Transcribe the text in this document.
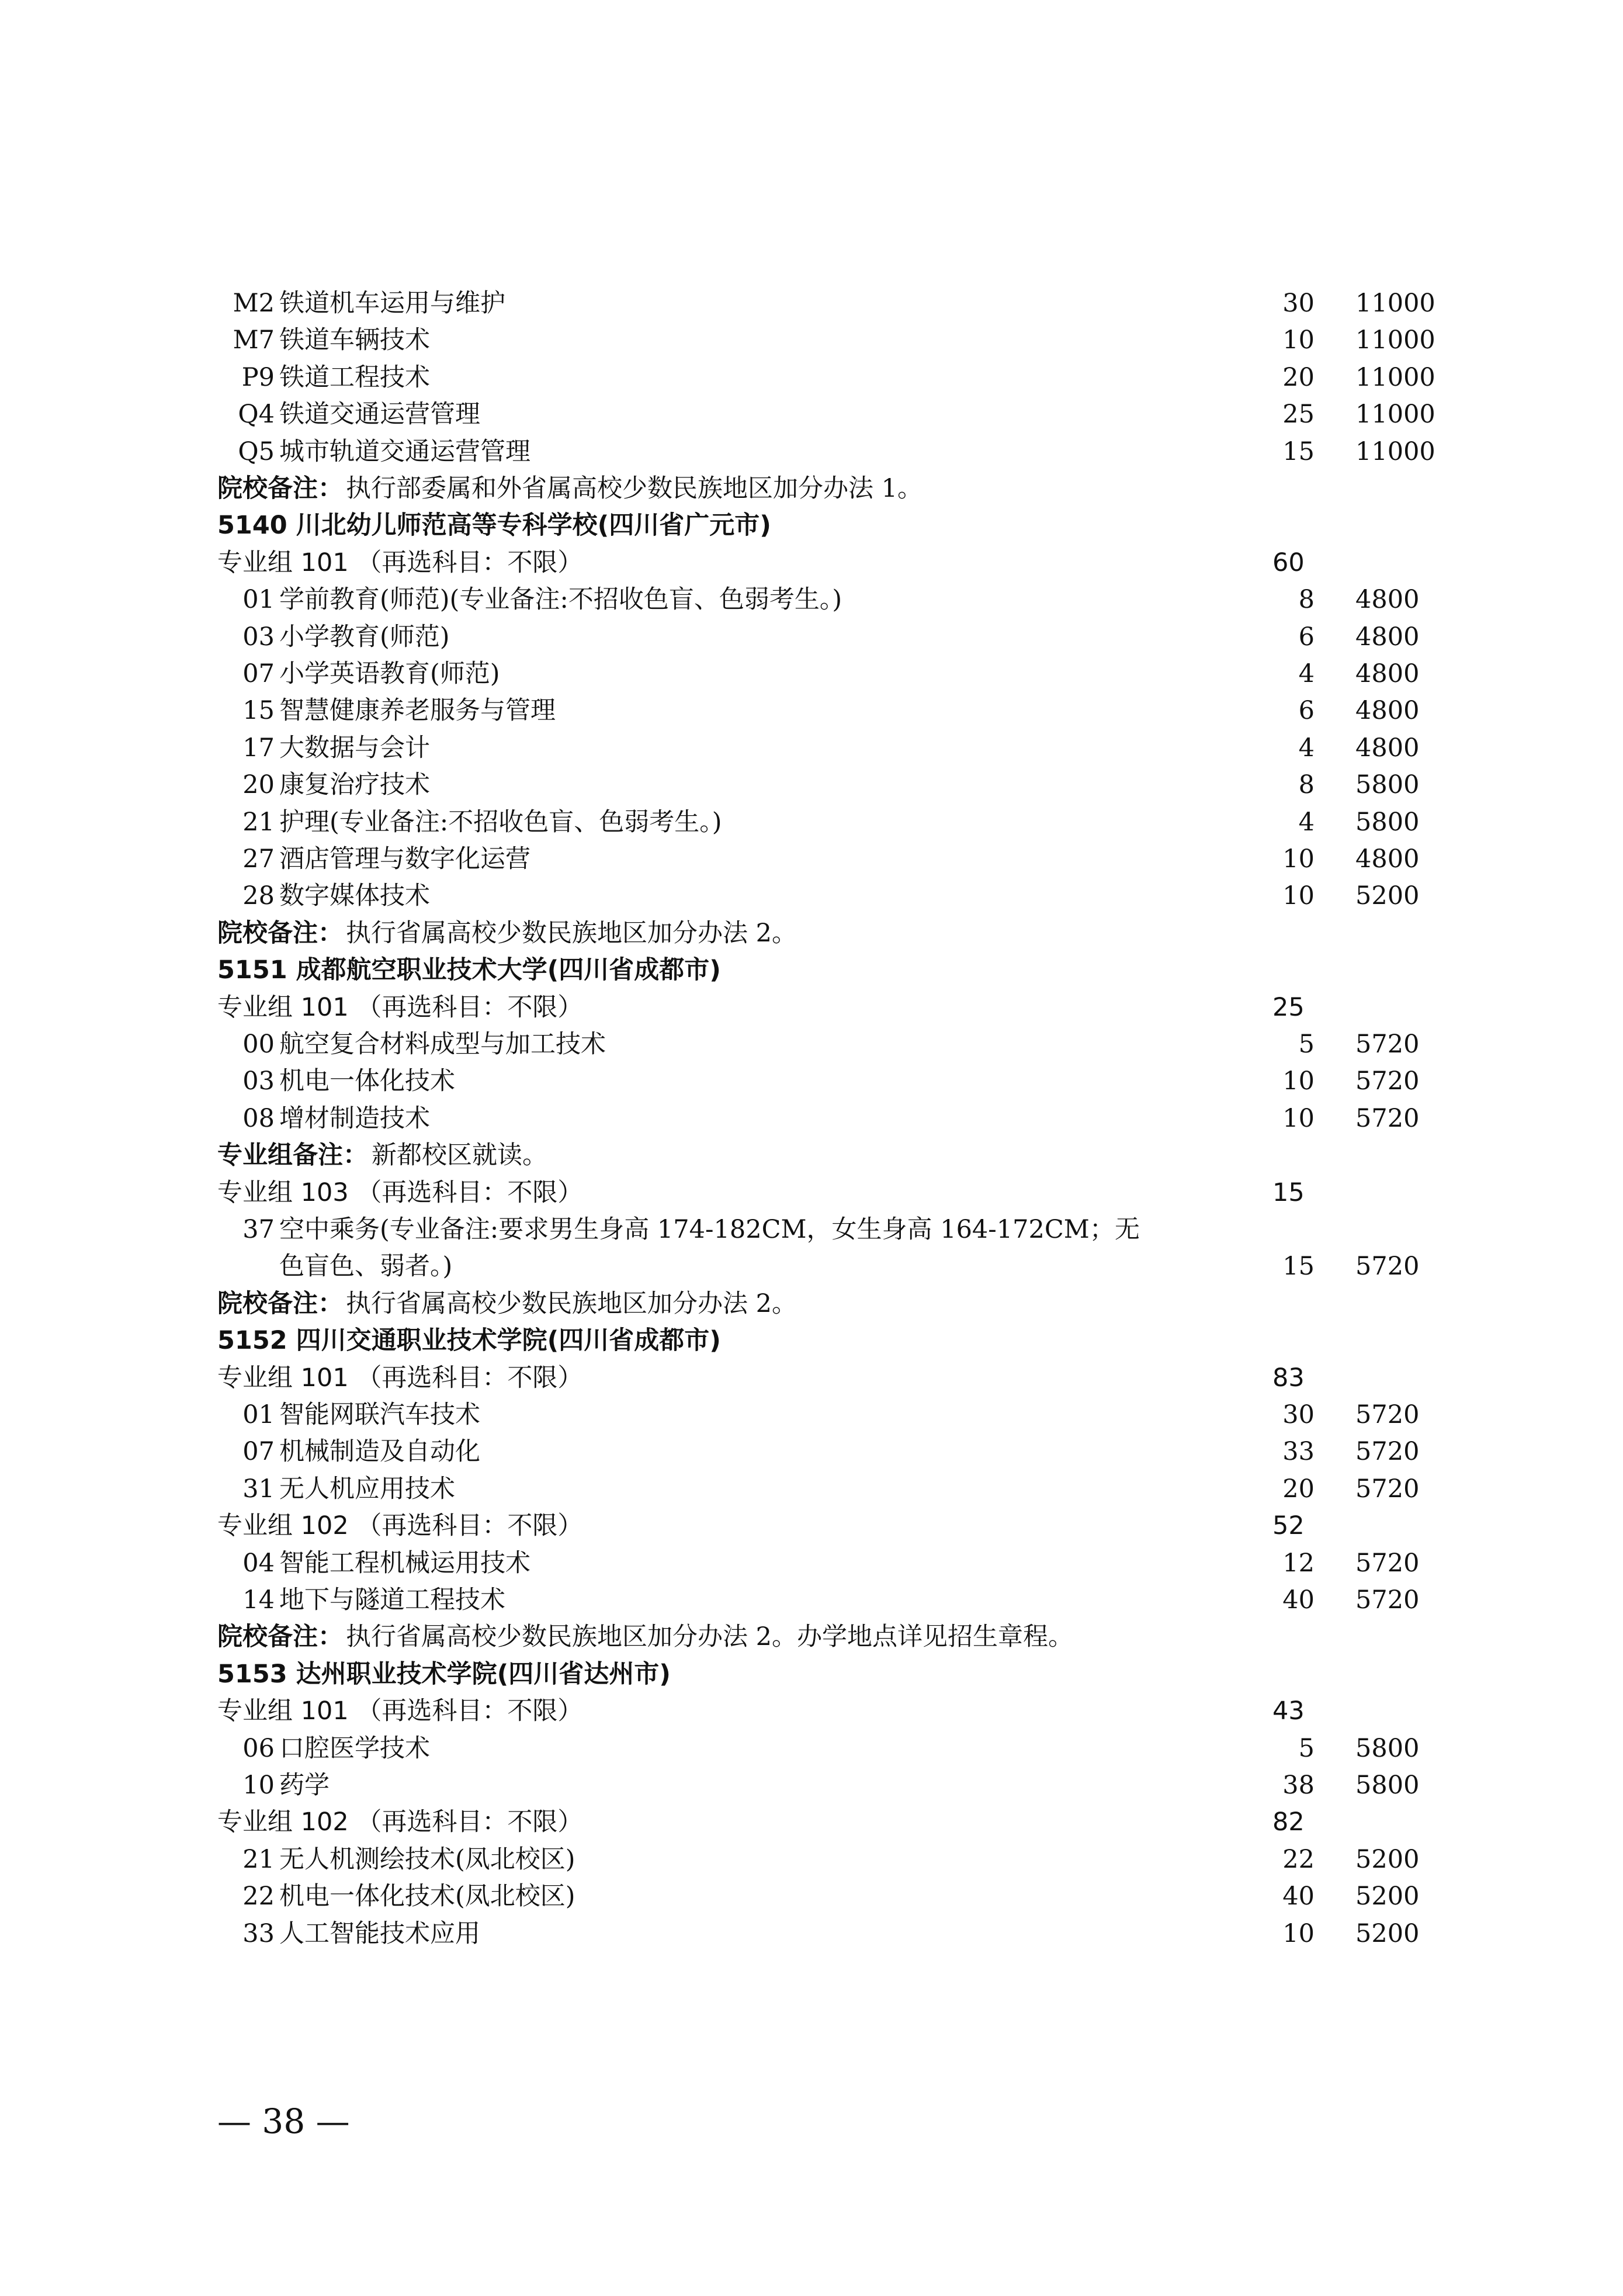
M2 铁道机车运用与维护	30 11000
M7 铁道车辆技术	10 11000
P9 铁道工程技术	20 11000
Q4 铁道交通运营管理	25 11000
Q5 城市轨道交通运营管理	15 11000
院校备注： 执行部委属和外省属高校少数民族地区加分办法 1。
5140 川北幼儿师范高等专科学校(四川省广元市)
专业组 101 （再选科目：不限）	60
01 学前教育(师范)(专业备注:不招收色盲、色弱考生。)	8 4800
03 小学教育(师范)	6 4800
07 小学英语教育(师范)	4 4800
15 智慧健康养老服务与管理	6 4800
17 大数据与会计	4 4800
20 康复治疗技术	8 5800
21 护理(专业备注:不招收色盲、色弱考生。)	4 5800
27 酒店管理与数字化运营	10 4800
28 数字媒体技术	10 5200
院校备注： 执行省属高校少数民族地区加分办法 2。
5151 成都航空职业技术大学(四川省成都市)
专业组 101 （再选科目：不限）	25
00 航空复合材料成型与加工技术	5 5720
03 机电一体化技术	10 5720
08 增材制造技术	10 5720
专业组备注： 新都校区就读。
专业组 103 （再选科目：不限）	15
37 空中乘务(专业备注:要求男生身高 174-182CM，女生身高 164-172CM；无
色盲色、弱者。)	15 5720
院校备注： 执行省属高校少数民族地区加分办法 2。
5152 四川交通职业技术学院(四川省成都市)
专业组 101 （再选科目：不限）	83
01 智能网联汽车技术	30 5720
07 机械制造及自动化	33 5720
31 无人机应用技术	20 5720
专业组 102 （再选科目：不限）	52
04 智能工程机械运用技术	12 5720
14 地下与隧道工程技术	40 5720
院校备注： 执行省属高校少数民族地区加分办法 2。办学地点详见招生章程。
5153 达州职业技术学院(四川省达州市)
专业组 101 （再选科目：不限）	43
06 口腔医学技术	5 5800
10 药学	38 5800
专业组 102 （再选科目：不限）	82
21 无人机测绘技术(凤北校区)	22 5200
22 机电一体化技术(凤北校区)	40 5200
33 人工智能技术应用	10 5200
— 38 —
